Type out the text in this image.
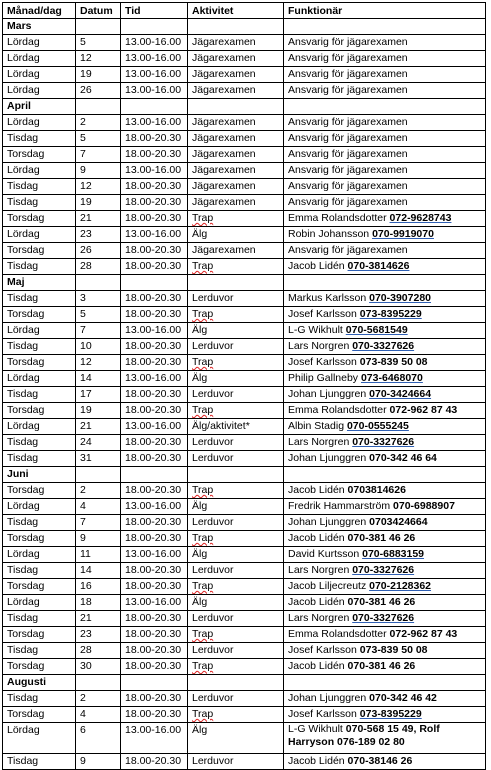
Månad/dag	Datum	Tid	Aktivitet	Funktionär
Mars				
Lördag	5	13.00-16.00	Jägarexamen	Ansvarig för jägarexamen
Lördag	12	13.00-16.00	Jägarexamen	Ansvarig för jägarexamen
Lördag	19	13.00-16.00	Jägarexamen	Ansvarig för jägarexamen
Lördag	26	13.00-16.00	Jägarexamen	Ansvarig för jägarexamen
April				
Lördag	2	13.00-16.00	Jägarexamen	Ansvarig för jägarexamen
Tisdag	5	18.00-20.30	Jägarexamen	Ansvarig för jägarexamen
Torsdag	7	18.00-20.30	Jägarexamen	Ansvarig för jägarexamen
Lördag	9	13.00-16.00	Jägarexamen	Ansvarig för jägarexamen
Tisdag	12	18.00-20.30	Jägarexamen	Ansvarig för jägarexamen
Tisdag	19	18.00-20.30	Jägarexamen	Ansvarig för jägarexamen
Torsdag	21	18.00-20.30	Trap	Emma Rolandsdotter 072-9628743
Lördag	23	13.00-16.00	Älg	Robin Johansson 070-9919070
Torsdag	26	18.00-20.30	Jägarexamen	Ansvarig för jägarexamen
Tisdag	28	18.00-20.30	Trap	Jacob Lidén 070-3814626
Maj				
Tisdag	3	18.00-20.30	Lerduvor	Markus Karlsson 070-3907280
Torsdag	5	18.00-20.30	Trap	Josef Karlsson 073-8395229
Lördag	7	13.00-16.00	Älg	L-G Wikhult 070-5681549
Tisdag	10	18.00-20.30	Lerduvor	Lars Norgren 070-3327626
Torsdag	12	18.00-20.30	Trap	Josef Karlsson 073-839 50 08
Lördag	14	13.00-16.00	Älg	Philip Gallneby 073-6468070
Tisdag	17	18.00-20.30	Lerduvor	Johan Ljunggren 070-3424664
Torsdag	19	18.00-20.30	Trap	Emma Rolandsdotter 072-962 87 43
Lördag	21	13.00-16.00	Älg/aktivitet*	Albin Stadig 070-0555245
Tisdag	24	18.00-20.30	Lerduvor	Lars Norgren 070-3327626
Tisdag	31	18.00-20.30	Lerduvor	Johan Ljunggren 070-342 46 64
Juni				
Torsdag	2	18.00-20.30	Trap	Jacob Lidén 0703814626
Lördag	4	13.00-16.00	Älg	Fredrik Hammarström 070-6988907
Tisdag	7	18.00-20.30	Lerduvor	Johan Ljunggren 0703424664
Torsdag	9	18.00-20.30	Trap	Jacob Lidén 070-381 46 26
Lördag	11	13.00-16.00	Älg	David Kurtsson 070-6883159
Tisdag	14	18.00-20.30	Lerduvor	Lars Norgren 070-3327626
Torsdag	16	18.00-20.30	Trap	Jacob Liljecreutz 070-2128362
Lördag	18	13.00-16.00	Älg	Jacob Lidén 070-381 46 26
Tisdag	21	18.00-20.30	Lerduvor	Lars Norgren 070-3327626
Torsdag	23	18.00-20.30	Trap	Emma Rolandsdotter 072-962 87 43
Tisdag	28	18.00-20.30	Lerduvor	Josef Karlsson 073-839 50 08
Torsdag	30	18.00-20.30	Trap	Jacob Lidén 070-381 46 26
Augusti				
Tisdag	2	18.00-20.30	Lerduvor	Johan Ljunggren 070-342 46 42
Torsdag	4	18.00-20.30	Trap	Josef Karlsson 073-8395229
Lördag	6	13.00-16.00	Älg	L-G Wikhult 070-568 15 49, Rolf Harryson 076-189 02 80
Tisdag	9	18.00-20.30	Lerduvor	Jacob Lidén 070-38146 26
